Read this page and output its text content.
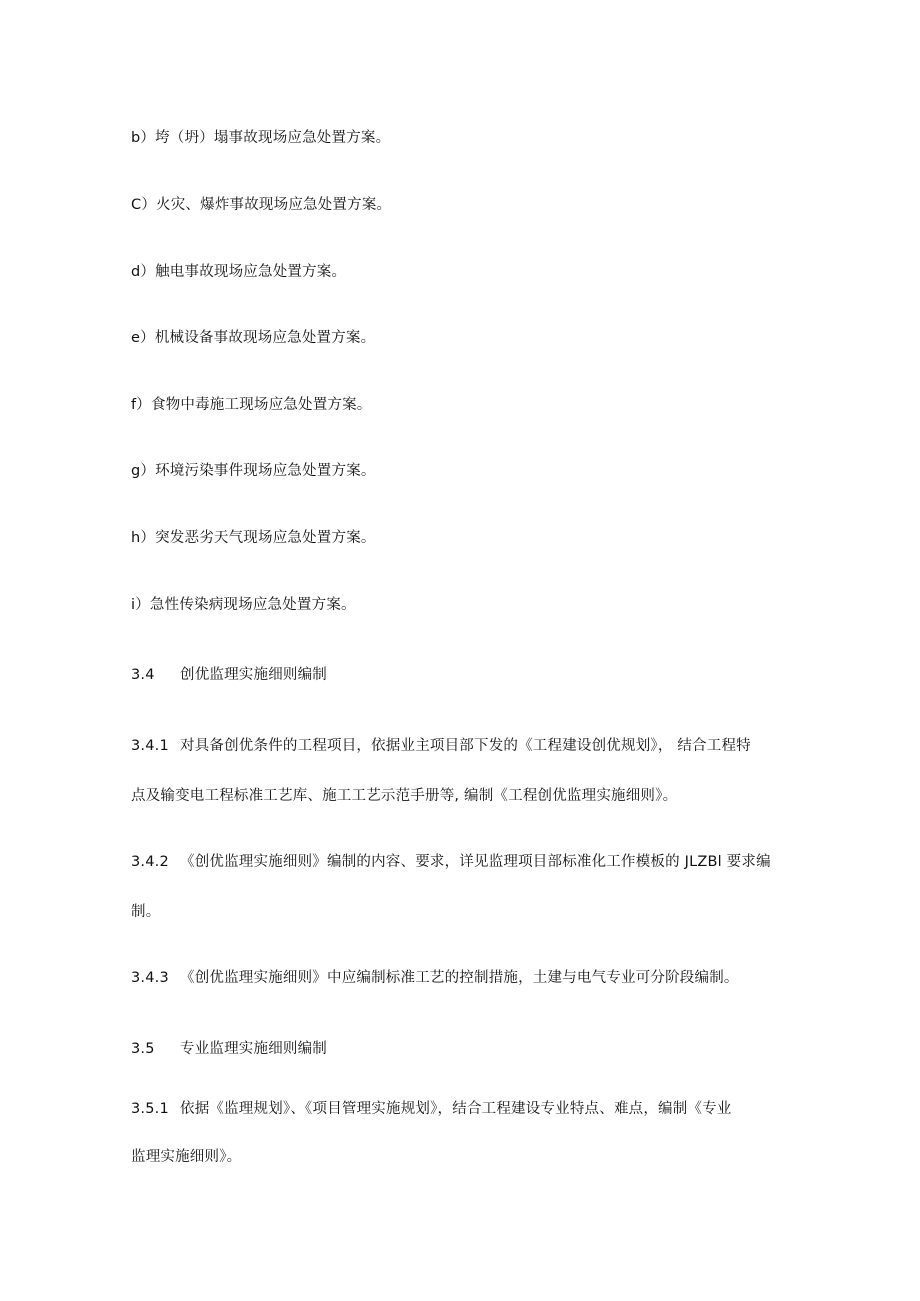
b）垮（坍）塌事故现场应急处置方案。
C）火灾、爆炸事故现场应急处置方案。
d）触电事故现场应急处置方案。
e）机械设备事故现场应急处置方案。
f）食物中毒施工现场应急处置方案。
g）环境污染事件现场应急处置方案。
h）突发恶劣天气现场应急处置方案。
i）急性传染病现场应急处置方案。
3.4 创优监理实施细则编制
3.4.1 对具备创优条件的工程项目，依据业主项目部下发的《工程建设创优规划》， 结合工程特
点及输变电工程标准工艺库、施工工艺示范手册等, 编制《工程创优监理实施细则》。
3.4.2 《创优监理实施细则》编制的内容、要求，详见监理项目部标准化工作模板的 JLZBl 要求编
制。
3.4.3 《创优监理实施细则》中应编制标准工艺的控制措施，土建与电气专业可分阶段编制。
3.5 专业监理实施细则编制
3.5.1 依据《监理规划》、《项目管理实施规划》，结合工程建设专业特点、难点，编制《专业
监理实施细则》。
